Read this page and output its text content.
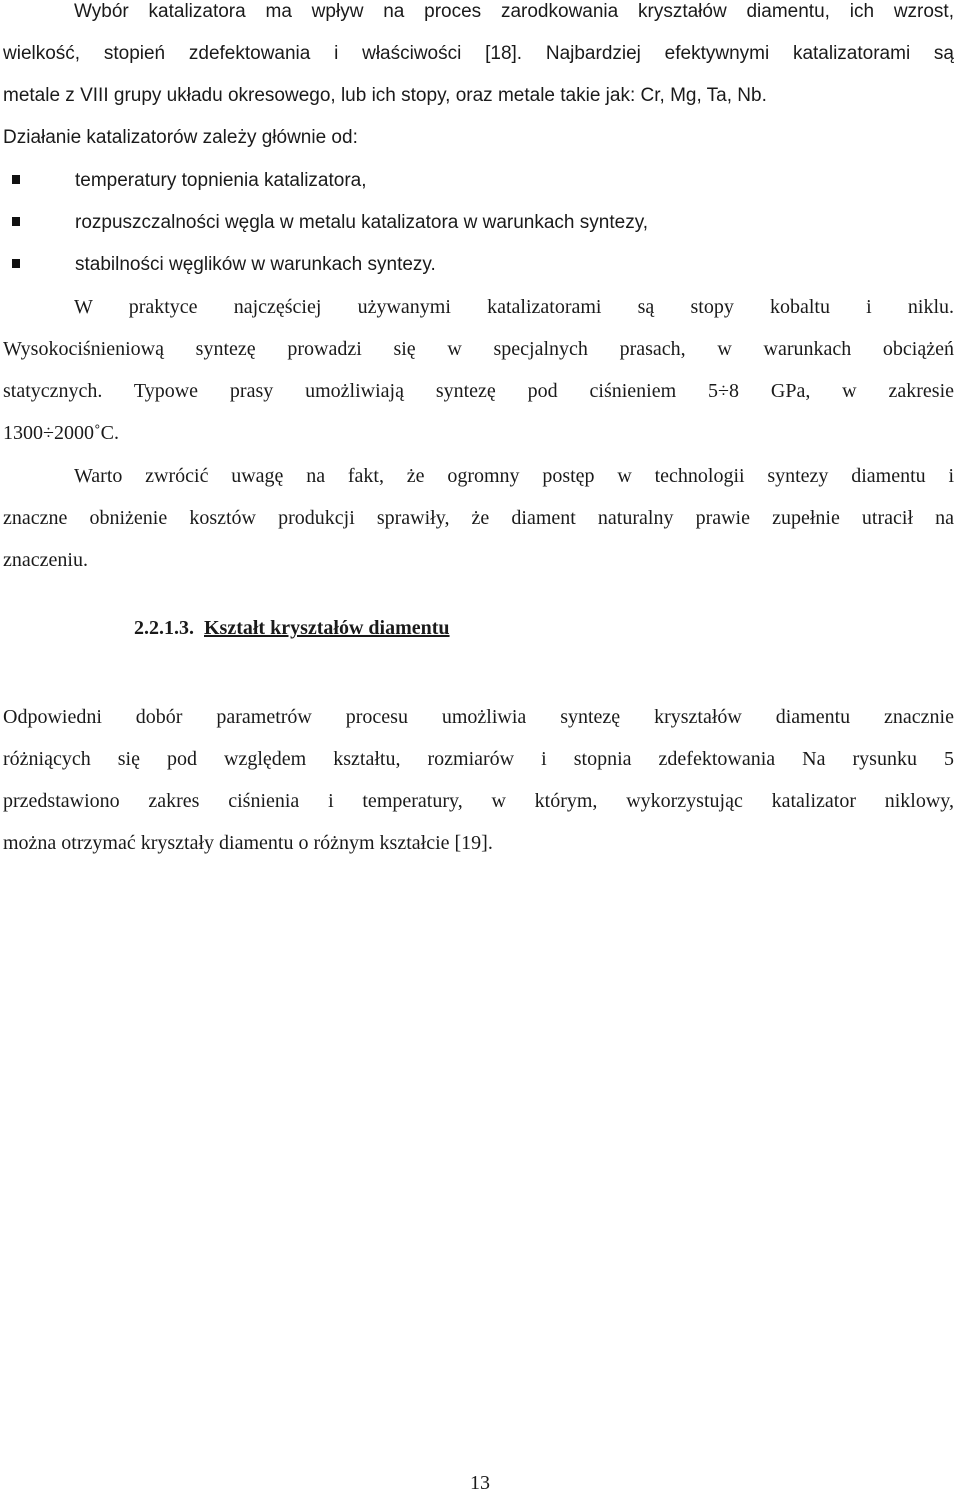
Wybór katalizatora ma wpływ na proces zarodkowania kryształów diamentu, ich wzrost,
wielkość, stopień zdefektowania i właściwości [18]. Najbardziej efektywnymi katalizatorami są
metale z VIII grupy układu okresowego, lub ich stopy, oraz metale takie jak: Cr, Mg, Ta, Nb.
Działanie katalizatorów zależy głównie od:
temperatury topnienia katalizatora,
rozpuszczalności węgla w metalu katalizatora w warunkach syntezy,
stabilności węglików w warunkach syntezy.
W praktyce najczęściej używanymi katalizatorami są stopy kobaltu i niklu.
Wysokociśnieniową syntezę prowadzi się w specjalnych prasach, w warunkach obciążeń
statycznych. Typowe prasy umożliwiają syntezę pod ciśnieniem 5÷8 GPa, w zakresie
1300÷2000˚C.
Warto zwrócić uwagę na fakt, że ogromny postęp w technologii syntezy diamentu i
znaczne obniżenie kosztów produkcji sprawiły, że diament naturalny prawie zupełnie utracił na
znaczeniu.
2.2.1.3. Kształt kryształów diamentu
Odpowiedni dobór parametrów procesu umożliwia syntezę kryształów diamentu znacznie
różniących się pod względem kształtu, rozmiarów i stopnia zdefektowania Na rysunku 5
przedstawiono zakres ciśnienia i temperatury, w którym, wykorzystując katalizator niklowy,
można otrzymać kryształy diamentu o różnym kształcie [19].
13
